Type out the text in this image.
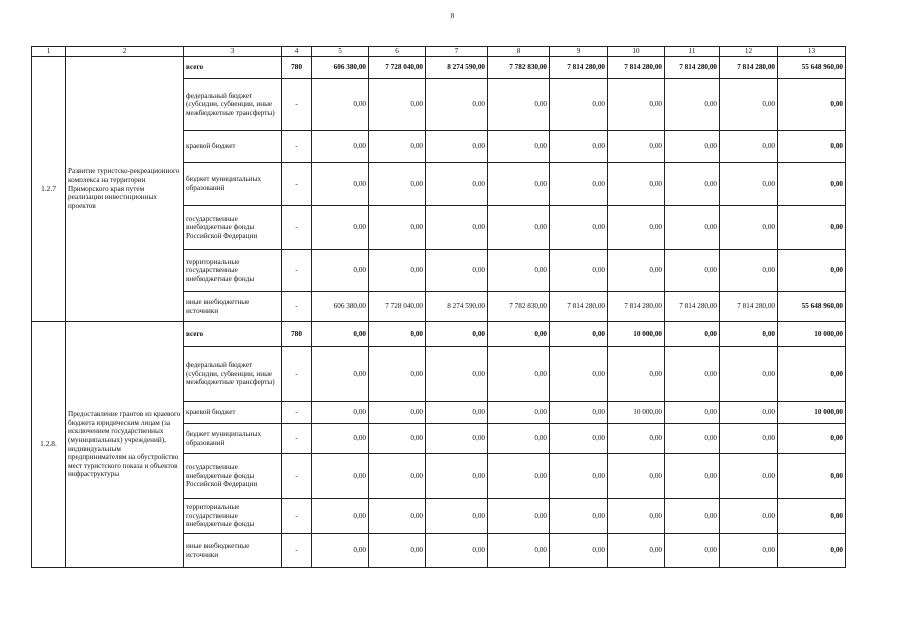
8
1	2	3	4	5	6	7	8	9	10	11	12	13
1.2.7	Развитие туристско-рекреационного комплекса на территории Приморского края путем реализации инвестиционных проектов	всего	780	606 380,00	7 728 040,00	8 274 590,00	7 782 830,00	7 814 280,00	7 814 280,00	7 814 280,00	7 814 280,00	55 648 960,00
		федеральный бюджет (субсидии, субвенции, иные межбюджетные трансферты)	-	0,00	0,00	0,00	0,00	0,00	0,00	0,00	0,00	0,00
		краевой бюджет	-	0,00	0,00	0,00	0,00	0,00	0,00	0,00	0,00	0,00
		бюджет муниципальных образований	-	0,00	0,00	0,00	0,00	0,00	0,00	0,00	0,00	0,00
		государственные внебюджетные фонды Российской Федерации	-	0,00	0,00	0,00	0,00	0,00	0,00	0,00	0,00	0,00
		территориальные государственные внебюджетные фонды	-	0,00	0,00	0,00	0,00	0,00	0,00	0,00	0,00	0,00
		иные внебюджетные источники	-	606 380,00	7 728 040,00	8 274 590,00	7 782 830,00	7 814 280,00	7 814 280,00	7 814 280,00	7 814 280,00	55 648 960,00
1.2.8.	Предоставление грантов из краевого бюджета юридическим лицам (за исключением государственных (муниципальных) учреждений), индивидуальным предпринимателям на обустройство мест туристского показа и объектов инфраструктуры	всего	780	0,00	0,00	0,00	0,00	0,00	10 000,00	0,00	0,00	10 000,00
		федеральный бюджет (субсидии, субвенции, иные межбюджетные трансферты)	-	0,00	0,00	0,00	0,00	0,00	0,00	0,00	0,00	0,00
		краевой бюджет	-	0,00	0,00	0,00	0,00	0,00	10 000,00	0,00	0,00	10 000,00
		бюджет муниципальных образований	-	0,00	0,00	0,00	0,00	0,00	0,00	0,00	0,00	0,00
		государственные внебюджетные фонды Российской Федерации	-	0,00	0,00	0,00	0,00	0,00	0,00	0,00	0,00	0,00
		территориальные государственные внебюджетные фонды	-	0,00	0,00	0,00	0,00	0,00	0,00	0,00	0,00	0,00
		иные внебюджетные источники	-	0,00	0,00	0,00	0,00	0,00	0,00	0,00	0,00	0,00
